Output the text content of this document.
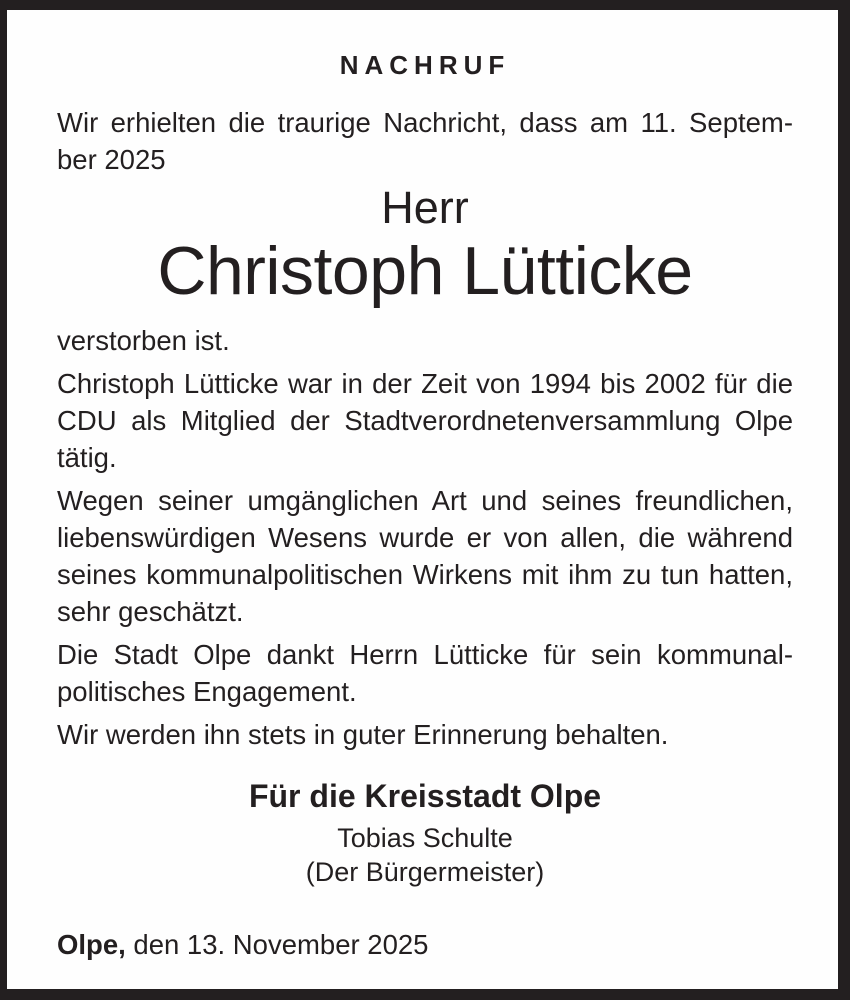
NACHRUF
Wir erhielten die traurige Nachricht, dass am 11. Septem-
ber 2025
Herr
Christoph Lütticke
verstorben ist.
Christoph Lütticke war in der Zeit von 1994 bis 2002 für die
CDU als Mitglied der Stadtverordnetenversammlung Olpe
tätig.
Wegen seiner umgänglichen Art und seines freundlichen,
liebenswürdigen Wesens wurde er von allen, die während
seines kommunalpolitischen Wirkens mit ihm zu tun hatten,
sehr geschätzt.
Die Stadt Olpe dankt Herrn Lütticke für sein kommunal-
politisches Engagement.
Wir werden ihn stets in guter Erinnerung behalten.
Für die Kreisstadt Olpe
Tobias Schulte
(Der Bürgermeister)
Olpe, den 13. November 2025
